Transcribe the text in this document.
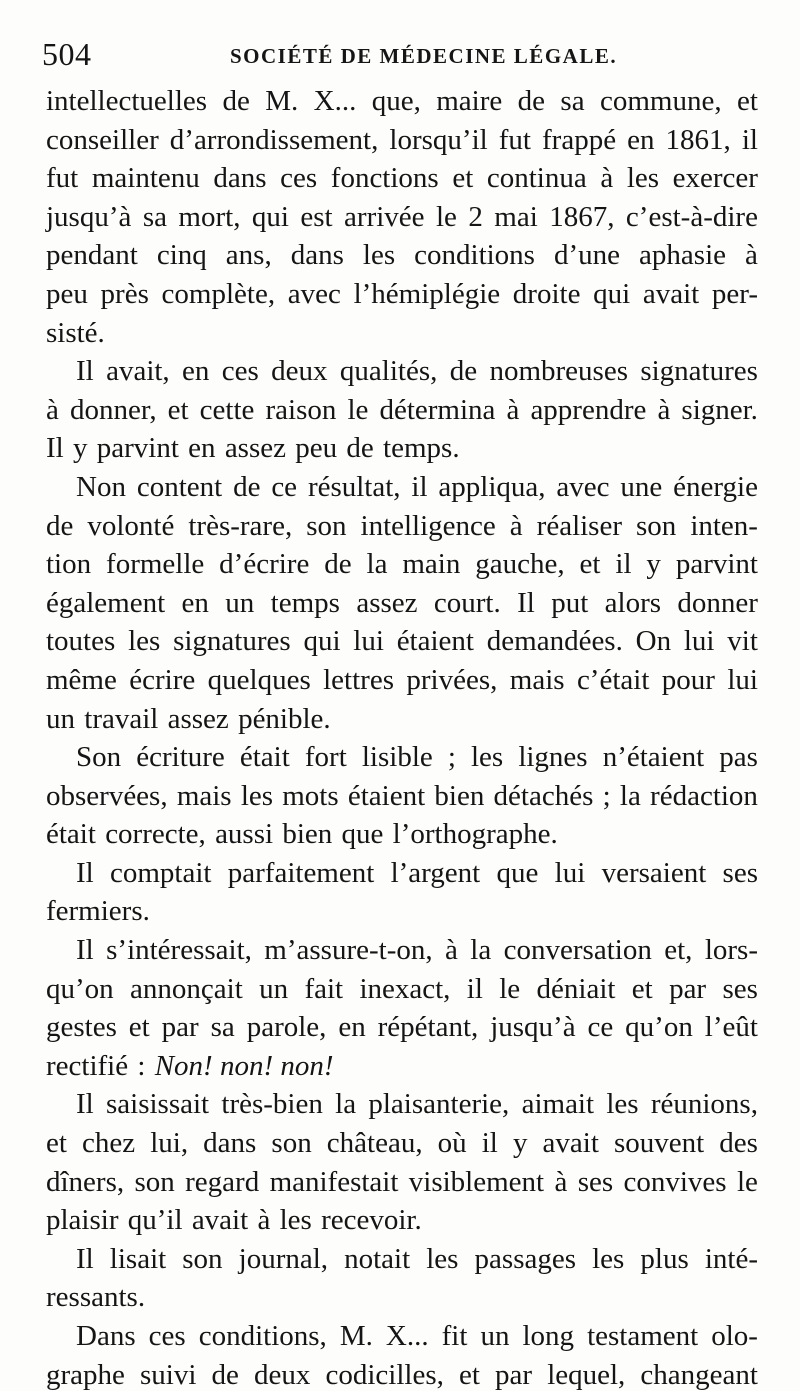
504	SOCIÉTÉ DE MÉDECINE LÉGALE.
intellectuelles de M. X... que, maire de sa commune, et
conseiller d’arrondissement, lorsqu’il fut frappé en 1861, il
fut maintenu dans ces fonctions et continua à les exercer
jusqu’à sa mort, qui est arrivée le 2 mai 1867, c’est-à-dire
pendant cinq ans, dans les conditions d’une aphasie à
peu près complète, avec l’hémiplégie droite qui avait per-
sisté.
Il avait, en ces deux qualités, de nombreuses signatures
à donner, et cette raison le détermina à apprendre à signer.
Il y parvint en assez peu de temps.
Non content de ce résultat, il appliqua, avec une énergie
de volonté très-rare, son intelligence à réaliser son inten-
tion formelle d’écrire de la main gauche, et il y parvint
également en un temps assez court. Il put alors donner
toutes les signatures qui lui étaient demandées. On lui vit
même écrire quelques lettres privées, mais c’était pour lui
un travail assez pénible.
Son écriture était fort lisible ; les lignes n’étaient pas
observées, mais les mots étaient bien détachés ; la rédaction
était correcte, aussi bien que l’orthographe.
Il comptait parfaitement l’argent que lui versaient ses
fermiers.
Il s’intéressait, m’assure-t-on, à la conversation et, lors-
qu’on annonçait un fait inexact, il le déniait et par ses
gestes et par sa parole, en répétant, jusqu’à ce qu’on l’eût
rectifié : Non! non! non!
Il saisissait très-bien la plaisanterie, aimait les réunions,
et chez lui, dans son château, où il y avait souvent des
dîners, son regard manifestait visiblement à ses convives le
plaisir qu’il avait à les recevoir.
Il lisait son journal, notait les passages les plus inté-
ressants.
Dans ces conditions, M. X... fit un long testament olo-
graphe suivi de deux codicilles, et par lequel, changeant
